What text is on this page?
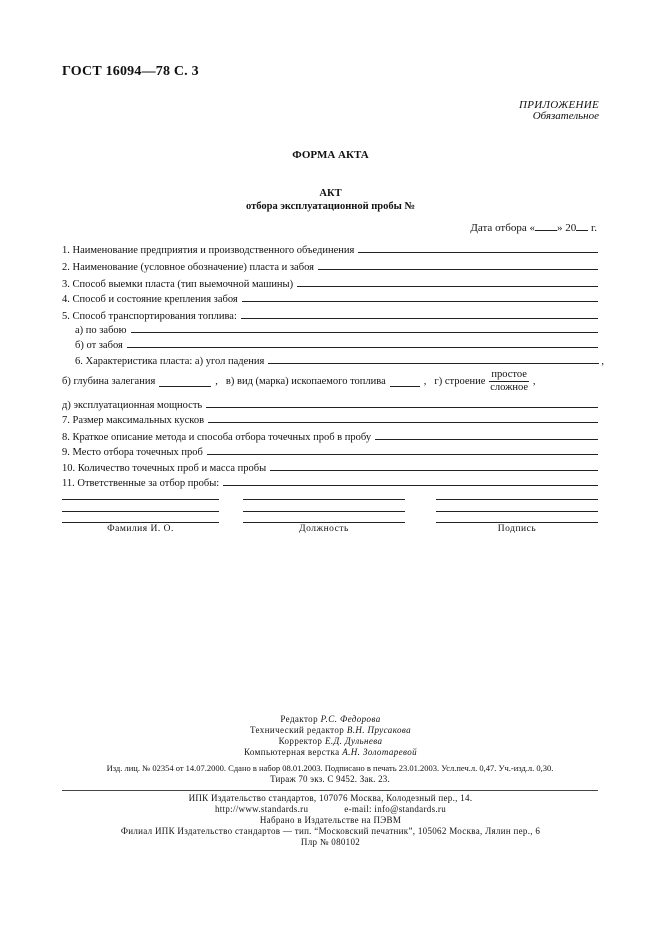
ГОСТ 16094—78 С. 3
ПРИЛОЖЕНИЕ
Обязательное
ФОРМА АКТА
АКТ
отбора эксплуатационной пробы №
Дата отбора « » 20 г.
1. Наименование предприятия и производственного объединения
2. Наименование (условное обозначение) пласта и забоя
3. Способ выемки пласта (тип выемочной машины)
4. Способ и состояние крепления забоя
5. Способ транспортирования топлива:
а) по забою
б) от забоя
6. Характеристика пласта: а) угол падения	,
б) глубина залегания	, в) вид (марка) ископаемого топлива	, г) строение $\frac{\text{простое}}{\text{сложное}}$ ,
д) эксплуатационная мощность
7. Размер максимальных кусков
8. Краткое описание метода и способа отбора точечных проб в пробу
9. Место отбора точечных проб
10. Количество точечных проб и масса пробы
11. Ответственные за отбор пробы:
Фамилия И. О.	Должность	Подпись
Редактор Р.С. Федорова
Технический редактор В.Н. Прусакова
Корректор Е.Д. Дульнева
Компьютерная верстка А.Н. Золотаревой
Изд. лиц. № 02354 от 14.07.2000. Сдано в набор 08.01.2003. Подписано в печать 23.01.2003. Усл.печ.л. 0,47. Уч.-изд.л. 0,30.
Тираж 70 экз. С 9452. Зак. 23.
ИПК Издательство стандартов, 107076 Москва, Колодезный пер., 14.
http://www.standards.ru	e-mail: info@standards.ru
Набрано в Издательстве на ПЭВМ
Филиал ИПК Издательство стандартов — тип. “Московский печатник”, 105062 Москва, Лялин пер., 6
Плр № 080102
